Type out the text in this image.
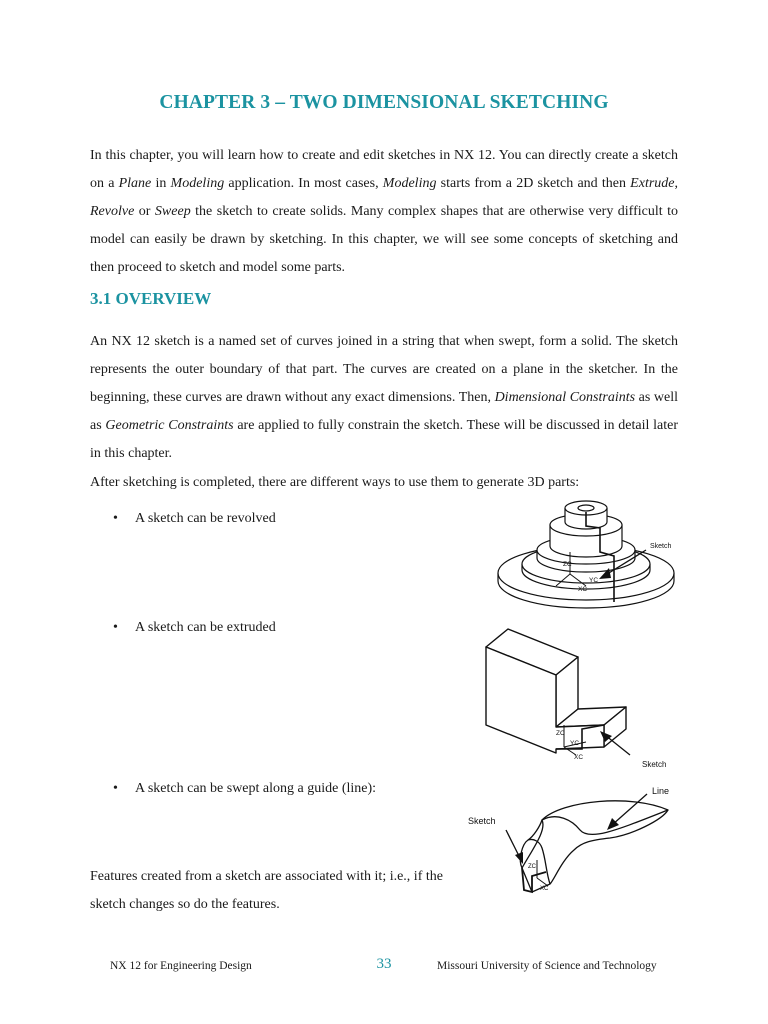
CHAPTER 3 – TWO DIMENSIONAL SKETCHING

In this chapter, you will learn how to create and edit sketches in NX 12. You can directly create a sketch on a Plane in Modeling application. In most cases, Modeling starts from a 2D sketch and then Extrude, Revolve or Sweep the sketch to create solids. Many complex shapes that are otherwise very difficult to model can easily be drawn by sketching. In this chapter, we will see some concepts of sketching and then proceed to sketch and model some parts.

3.1 OVERVIEW

An NX 12 sketch is a named set of curves joined in a string that when swept, form a solid. The sketch represents the outer boundary of that part. The curves are created on a plane in the sketcher. In the beginning, these curves are drawn without any exact dimensions. Then, Dimensional Constraints as well as Geometric Constraints are applied to fully constrain the sketch. These will be discussed in detail later in this chapter.

After sketching is completed, there are different ways to use them to generate 3D parts:

• A sketch can be revolved
• A sketch can be extruded
• A sketch can be swept along a guide (line):
ZC
YC
XC
Sketch
ZC
YC
XC
Sketch
ZC
XC
Line
Sketch

Features created from a sketch are associated with it; i.e., if the sketch changes so do the features.

NX 12 for Engineering Design	33	Missouri University of Science and Technology
